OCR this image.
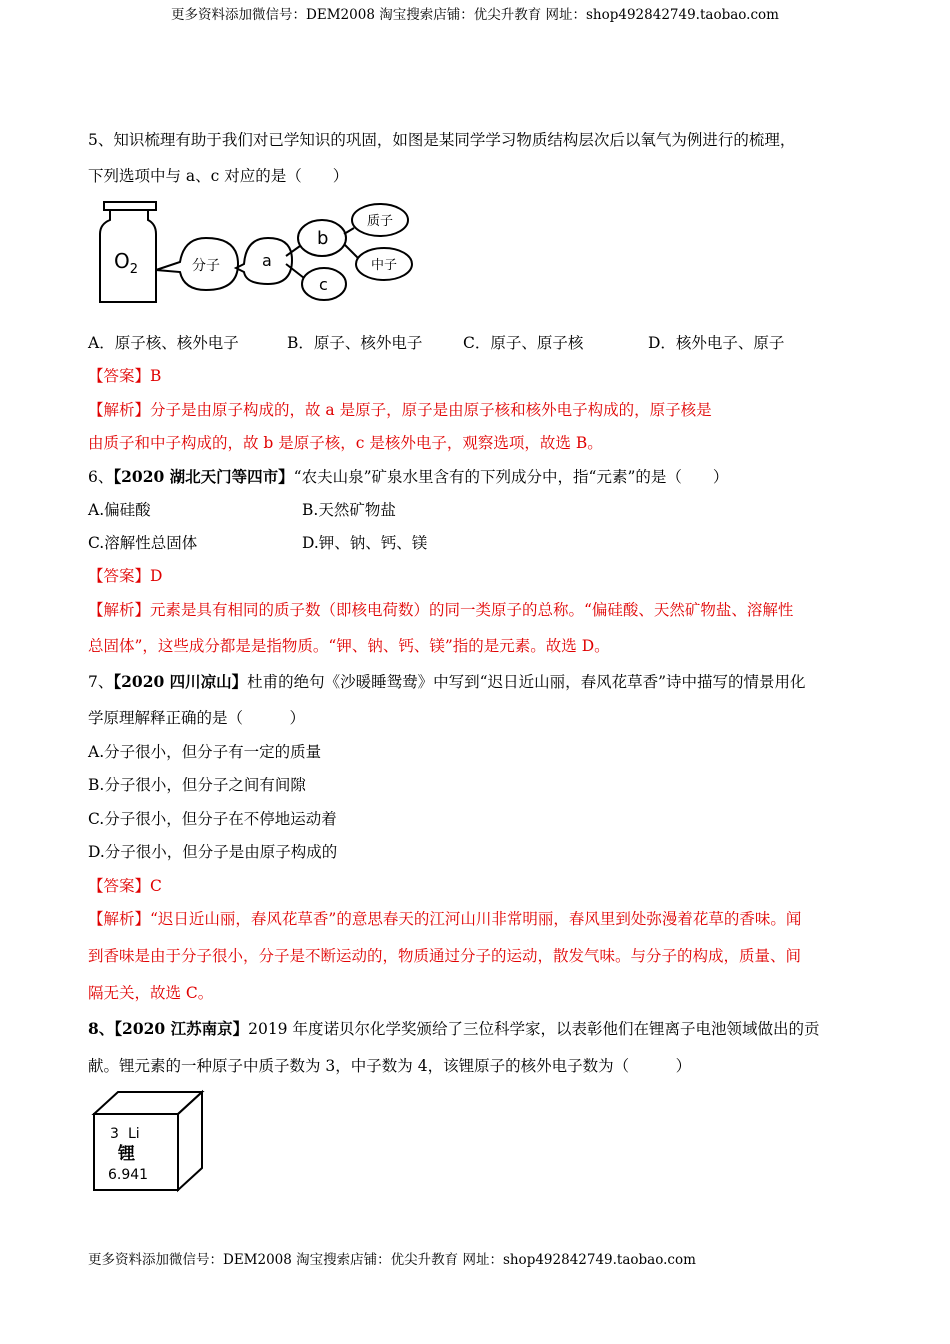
更多资料添加微信号：DEM2008 淘宝搜索店铺：优尖升教育 网址：shop492842749.taobao.com
5、知识梳理有助于我们对已学知识的巩固，如图是某同学学习物质结构层次后以氧气为例进行的梳理，
下列选项中与 a、c 对应的是（　　）
$O_2$	分子	a
b
c
质子
中子
A．原子核、核外电子	B．原子、核外电子	C．原子、原子核	D．核外电子、原子
【答案】B
【解析】分子是由原子构成的，故 a 是原子，原子是由原子核和核外电子构成的，原子核是
由质子和中子构成的，故 b 是原子核，c 是核外电子，观察选项，故选 B。
6、【2020 湖北天门等四市】“农夫山泉”矿泉水里含有的下列成分中，指“元素”的是（　　）
A.偏硅酸	B.天然矿物盐
C.溶解性总固体	D.钾、钠、钙、镁
【答案】D
【解析】元素是具有相同的质子数（即核电荷数）的同一类原子的总称。“偏硅酸、天然矿物盐、溶解性
总固体”，这些成分都是是指物质。“钾、钠、钙、镁”指的是元素。故选 D。
7、【2020 四川凉山】杜甫的绝句《沙暖睡鸳鸯》中写到“迟日近山丽，春风花草香”诗中描写的情景用化
学原理解释正确的是（　　　）
A.分子很小，但分子有一定的质量
B.分子很小，但分子之间有间隙
C.分子很小，但分子在不停地运动着
D.分子很小，但分子是由原子构成的
【答案】C
【解析】“迟日近山丽，春风花草香”的意思春天的江河山川非常明丽，春风里到处弥漫着花草的香味。闻
到香味是由于分子很小，分子是不断运动的，物质通过分子的运动，散发气味。与分子的构成，质量、间
隔无关，故选 C。
8、【2020 江苏南京】2019 年度诺贝尔化学奖颁给了三位科学家，以表彰他们在锂离子电池领域做出的贡
献。锂元素的一种原子中质子数为 3，中子数为 4，该锂原子的核外电子数为（　　　）
3 Li
锂
6.941
更多资料添加微信号：DEM2008 淘宝搜索店铺：优尖升教育 网址：shop492842749.taobao.com
